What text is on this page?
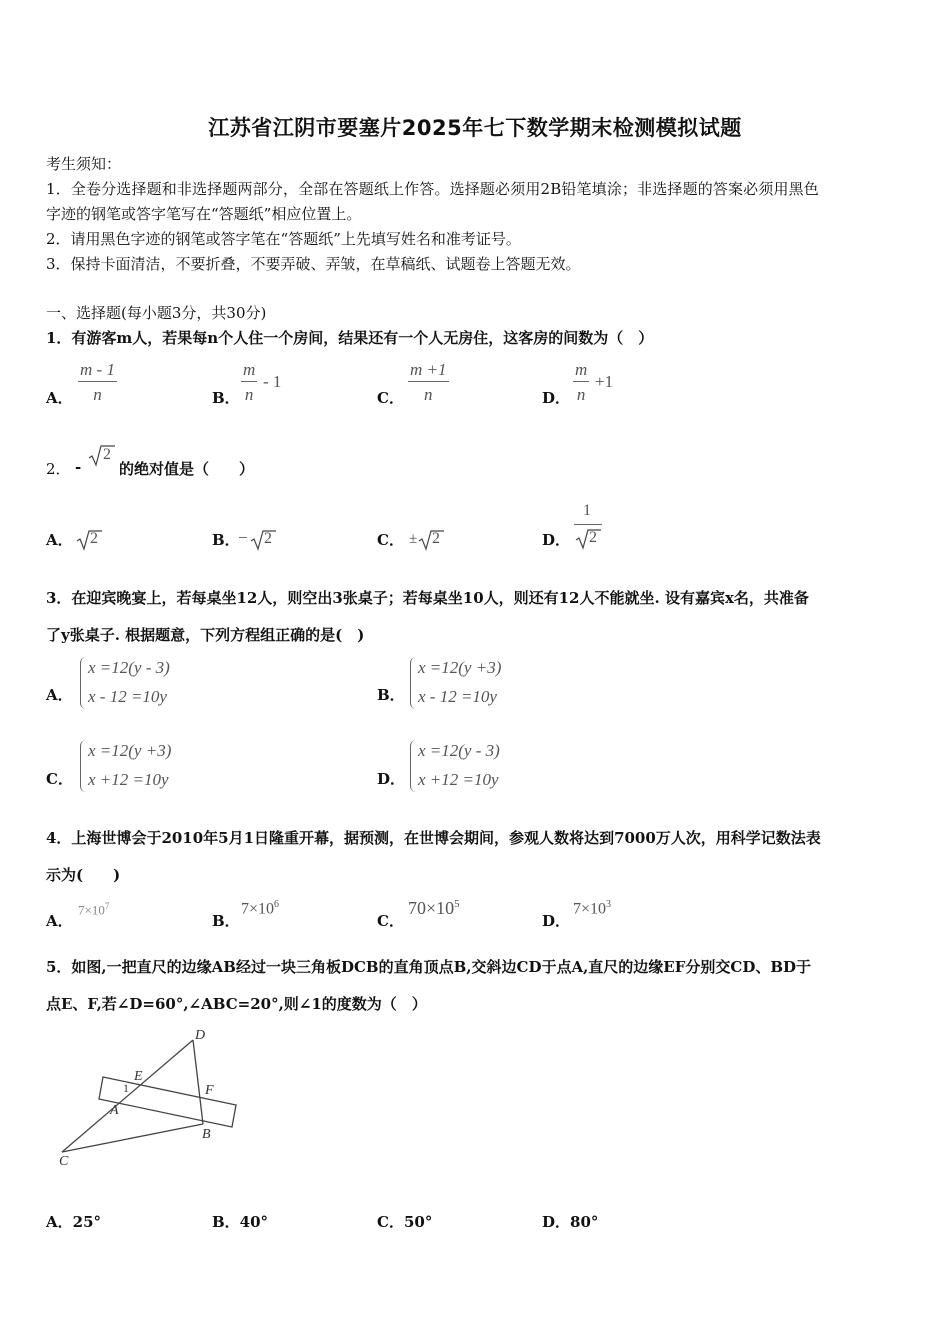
江苏省江阴市要塞片2025年七下数学期末检测模拟试题
考生须知：
1．全卷分选择题和非选择题两部分，全部在答题纸上作答。选择题必须用2B铅笔填涂；非选择题的答案必须用黑色
字迹的钢笔或答字笔写在“答题纸”相应位置上。
2．请用黑色字迹的钢笔或答字笔在“答题纸”上先填写姓名和准考证号。
3．保持卡面清洁，不要折叠，不要弄破、弄皱，在草稿纸、试题卷上答题无效。
一、选择题(每小题3分，共30分)
1．有游客m人，若果每n个人住一个房间，结果还有一个人无房住，这客房的间数为（　）
A． $\frac{m - 1}{n}$	B． $\frac{m}{n} - 1$
C． $\frac{m +1}{n}$	D． $\frac{m}{n} +1$
2． -
2
的绝对值是（　　）
A． 2	B．
− 2	C． ± 2	D．
1
2
3．在迎宾晚宴上，若每桌坐12人，则空出3张桌子；若每桌坐10人，则还有12人不能就坐. 设有嘉宾x名，共准备
了y张桌子. 根据题意，下列方程组正确的是(　)
A．
x =12(y - 3)
x - 12 =10y	B．
x =12(y +3)
x - 12 =10y
C．
x =12(y +3)
x +12 =10y	D．
x =12(y - 3)
x +12 =10y
4．上海世博会于2010年5月1日隆重开幕，据预测，在世博会期间，参观人数将达到7000万人次，用科学记数法表
示为(　　)
A．
$7\times 10^7$
B．
$7\times 10^6$
C．
$70\times 10^5$
D．
$7\times 10^3$
5．如图,一把直尺的边缘AB经过一块三角板DCB的直角顶点B,交斜边CD于点A,直尺的边缘EF分别交CD、BD于
点E、F,若∠D=60°,∠ABC=20°,则∠1的度数为（　）
D
E
1	F
A
B
C
A．25°	B．40°	C．50°	D．80°
